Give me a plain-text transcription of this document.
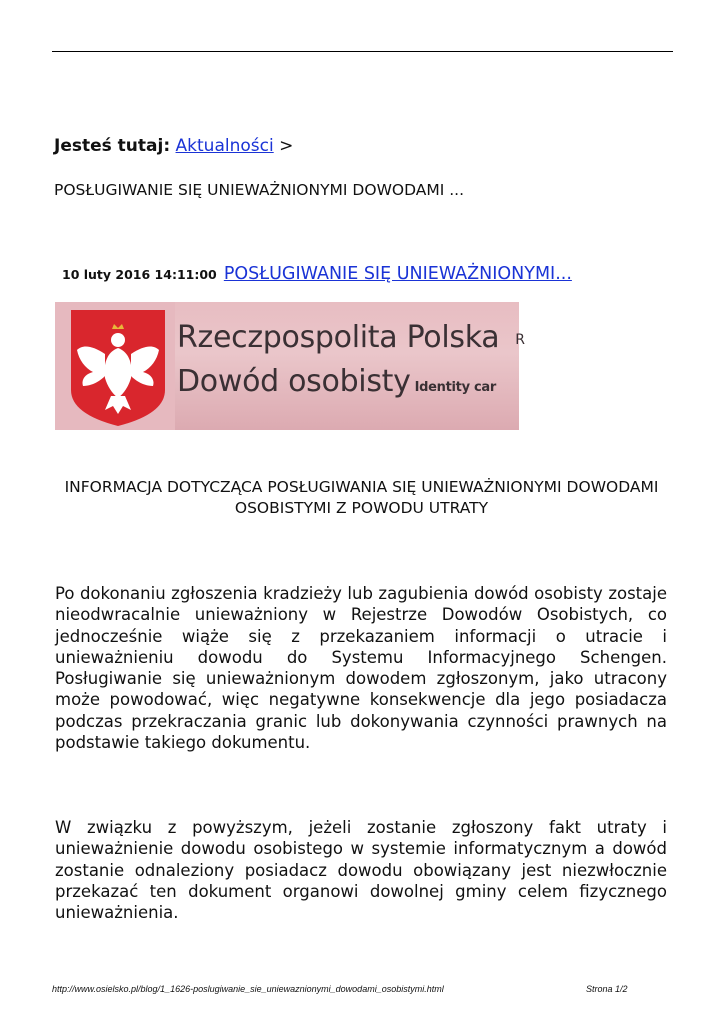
Jesteś tutaj: Aktualności >
POSŁUGIWANIE SIĘ UNIEWAŻNIONYMI DOWODAMI ...
10 luty 2016 14:11:00 POSŁUGIWANIE SIĘ UNIEWAŻNIONYMI...
Rzeczpospolita Polska R
Dowód osobisty Identity car
INFORMACJA DOTYCZĄCA POSŁUGIWANIA SIĘ UNIEWAŻNIONYMI DOWODAMI OSOBISTYMI Z POWODU UTRATY
Po dokonaniu zgłoszenia kradzieży lub zagubienia dowód osobisty zostaje nieodwracalnie unieważniony w Rejestrze Dowodów Osobistych, co jednocześnie wiąże się z przekazaniem informacji o utracie i unieważnieniu dowodu do Systemu Informacyjnego Schengen. Posługiwanie się unieważnionym dowodem zgłoszonym, jako utracony może powodować, więc negatywne konsekwencje dla jego posiadacza podczas przekraczania granic lub dokonywania czynności prawnych na podstawie takiego dokumentu.
W związku z powyższym, jeżeli zostanie zgłoszony fakt utraty i unieważnienie dowodu osobistego w systemie informatycznym a dowód zostanie odnaleziony posiadacz dowodu obowiązany jest niezwłocznie przekazać ten dokument organowi dowolnej gminy celem fizycznego unieważnienia.
http://www.osielsko.pl/blog/1_1626-poslugiwanie_sie_uniewaznionymi_dowodami_osobistymi.html	Strona 1/2
